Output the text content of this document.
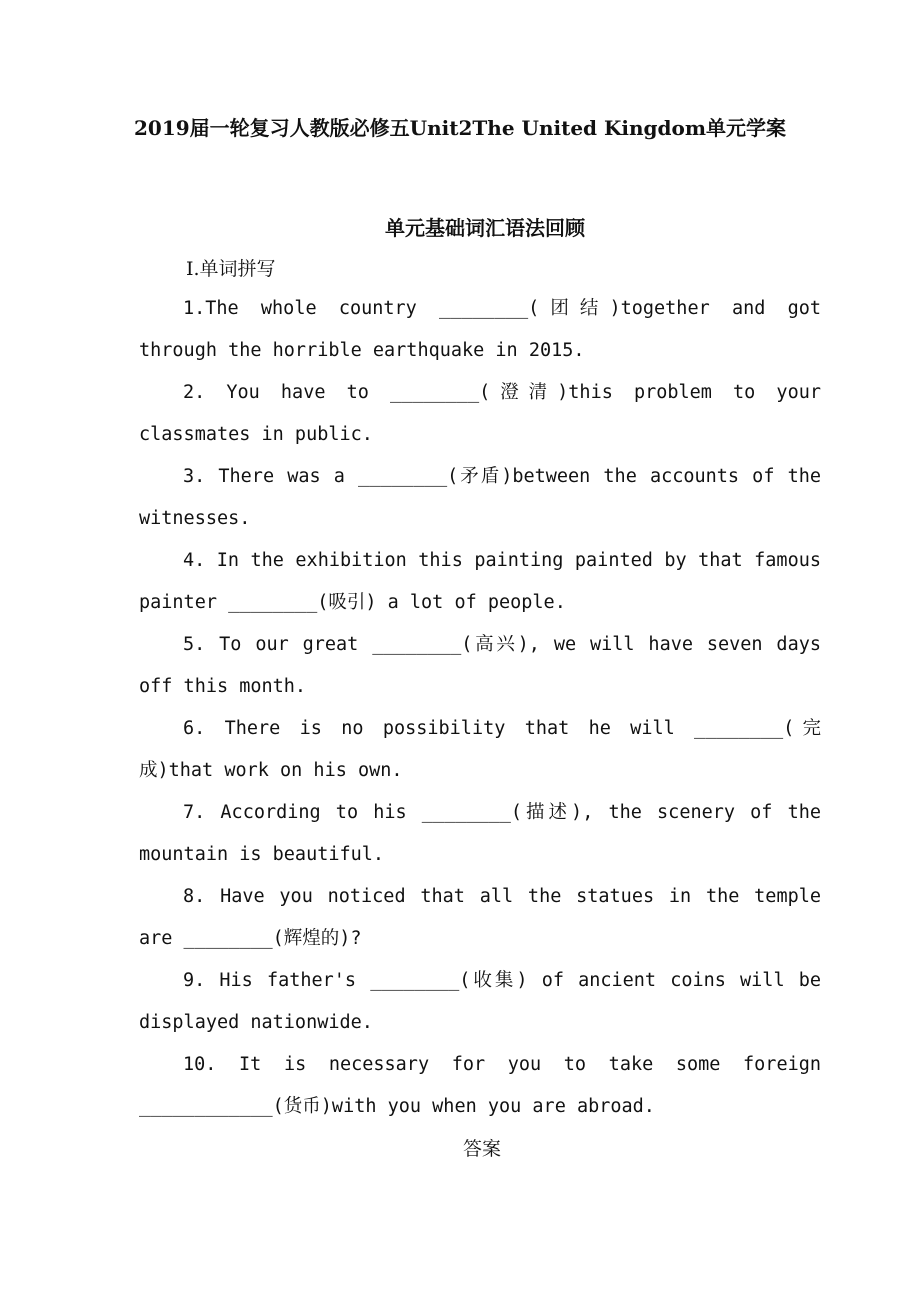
2019届一轮复习人教版必修五Unit2The United Kingdom单元学案
单元基础词汇语法回顾
Ⅰ.单词拼写

1.The whole country ________(团结)together and got through the horrible earthquake in 2015.

2. You have to ________(澄清)this problem to your classmates in public.

3. There was a ________(矛盾)between the accounts of the witnesses.

4. In the exhibition this painting painted by that famous painter ________(吸引) a lot of people.

5. To our great ________(高兴), we will have seven days off this month.

6. There is no possibility that he will ________(完成)that work on his own.

7. According to his ________(描述), the scenery of the mountain is beautiful.

8. Have you noticed that all the statues in the temple are ________(辉煌的)?

9. His father's ________(收集) of ancient coins will be displayed nationwide.

10. It is necessary for you to take some foreign ____________(货币)with you when you are abroad.

答案
